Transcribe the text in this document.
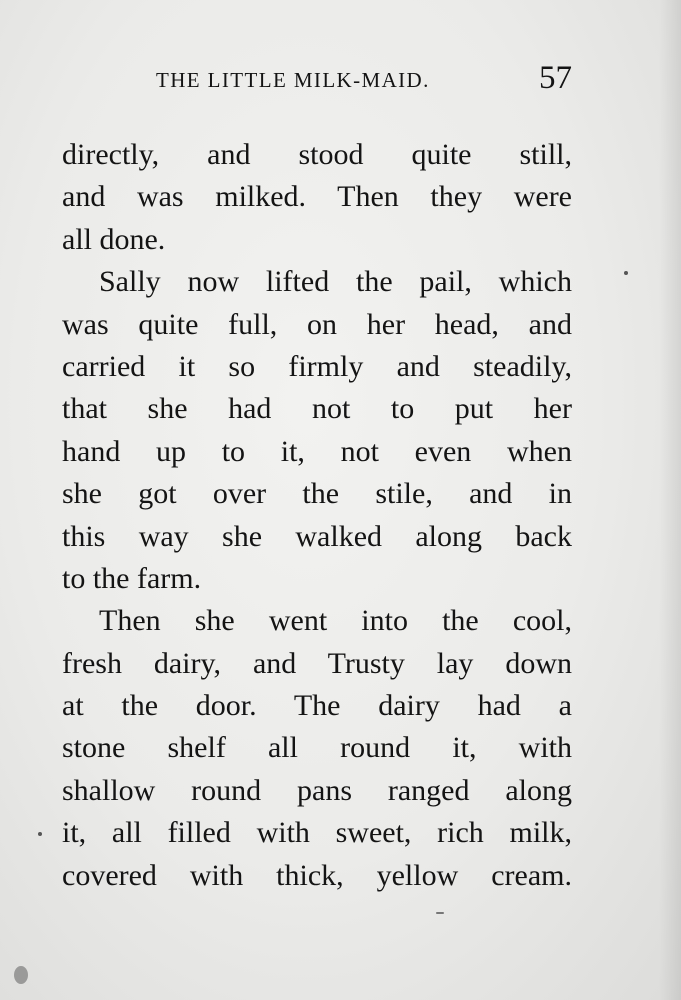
THE LITTLE MILK-MAID.	57
directly, and stood quite still,
and was milked. Then they were
all done.
Sally now lifted the pail, which
was quite full, on her head, and
carried it so firmly and steadily,
that she had not to put her
hand up to it, not even when
she got over the stile, and in
this way she walked along back
to the farm.
Then she went into the cool,
fresh dairy, and Trusty lay down
at the door. The dairy had a
stone shelf all round it, with
shallow round pans ranged along
it, all filled with sweet, rich milk,
covered with thick, yellow cream.
